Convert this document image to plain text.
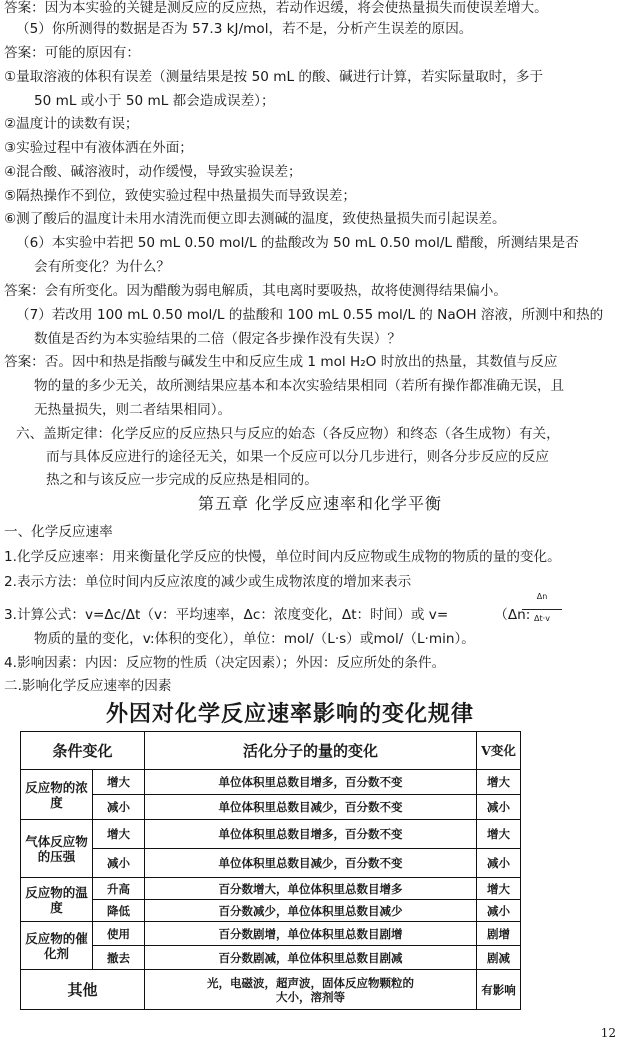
答案：因为本实验的关键是测反应的反应热，若动作迟缓，将会使热量损失而使误差增大。
（5）你所测得的数据是否为 57.3 kJ/mol，若不是，分析产生误差的原因。
答案：可能的原因有：
①量取溶液的体积有误差（测量结果是按 50 mL 的酸、碱进行计算，若实际量取时，多于
50 mL 或小于 50 mL 都会造成误差）；
②温度计的读数有误；
③实验过程中有液体洒在外面；
④混合酸、碱溶液时，动作缓慢，导致实验误差；
⑤隔热操作不到位，致使实验过程中热量损失而导致误差；
⑥测了酸后的温度计未用水清洗而便立即去测碱的温度，致使热量损失而引起误差。
（6）本实验中若把 50 mL 0.50 mol/L 的盐酸改为 50 mL 0.50 mol/L 醋酸，所测结果是否
会有所变化？为什么？
答案：会有所变化。因为醋酸为弱电解质，其电离时要吸热，故将使测得结果偏小。
（7）若改用 100 mL 0.50 mol/L 的盐酸和 100 mL 0.55 mol/L 的 NaOH 溶液，所测中和热的
数值是否约为本实验结果的二倍（假定各步操作没有失误）？
答案：否。因中和热是指酸与碱发生中和反应生成 1 mol H₂O 时放出的热量，其数值与反应
物的量的多少无关，故所测结果应基本和本次实验结果相同（若所有操作都准确无误，且
无热量损失，则二者结果相同）。
六、盖斯定律：化学反应的反应热只与反应的始态（各反应物）和终态（各生成物）有关，
而与具体反应进行的途径无关，如果一个反应可以分几步进行，则各分步反应的反应
热之和与该反应一步完成的反应热是相同的。
第五章 化学反应速率和化学平衡
一、化学反应速率
1.化学反应速率：用来衡量化学反应的快慢，单位时间内反应物或生成物的物质的量的变化。
2.表示方法：单位时间内反应浓度的减少或生成物浓度的增加来表示
3.计算公式：v=Δc/Δt（v：平均速率，Δc：浓度变化，Δt：时间）或 v=	（Δn:
Δn
Δt·v
物质的量的变化，v:体积的变化），单位：mol/（L·s）或mol/（L·min）。
4.影响因素：内因：反应物的性质（决定因素）；外因：反应所处的条件。
二.影响化学反应速率的因素
外因对化学反应速率影响的变化规律
条件变化		活化分子的量的变化	V变化
反应物的浓度	增大	单位体积里总数目增多，百分数不变	增大
	减小	单位体积里总数目减少，百分数不变	减小
气体反应物的压强	增大	单位体积里总数目增多，百分数不变	增大
	减小	单位体积里总数目减少，百分数不变	减小
反应物的温度	升高	百分数增大，单位体积里总数目增多	增大
	降低	百分数减少，单位体积里总数目减少	减小
反应物的催化剂	使用	百分数剧增，单位体积里总数目剧增	剧增
	撤去	百分数剧减，单位体积里总数目剧减	剧减
其他		光，电磁波，超声波，固体反应物颗粒的大小，溶剂等	有影响
12
